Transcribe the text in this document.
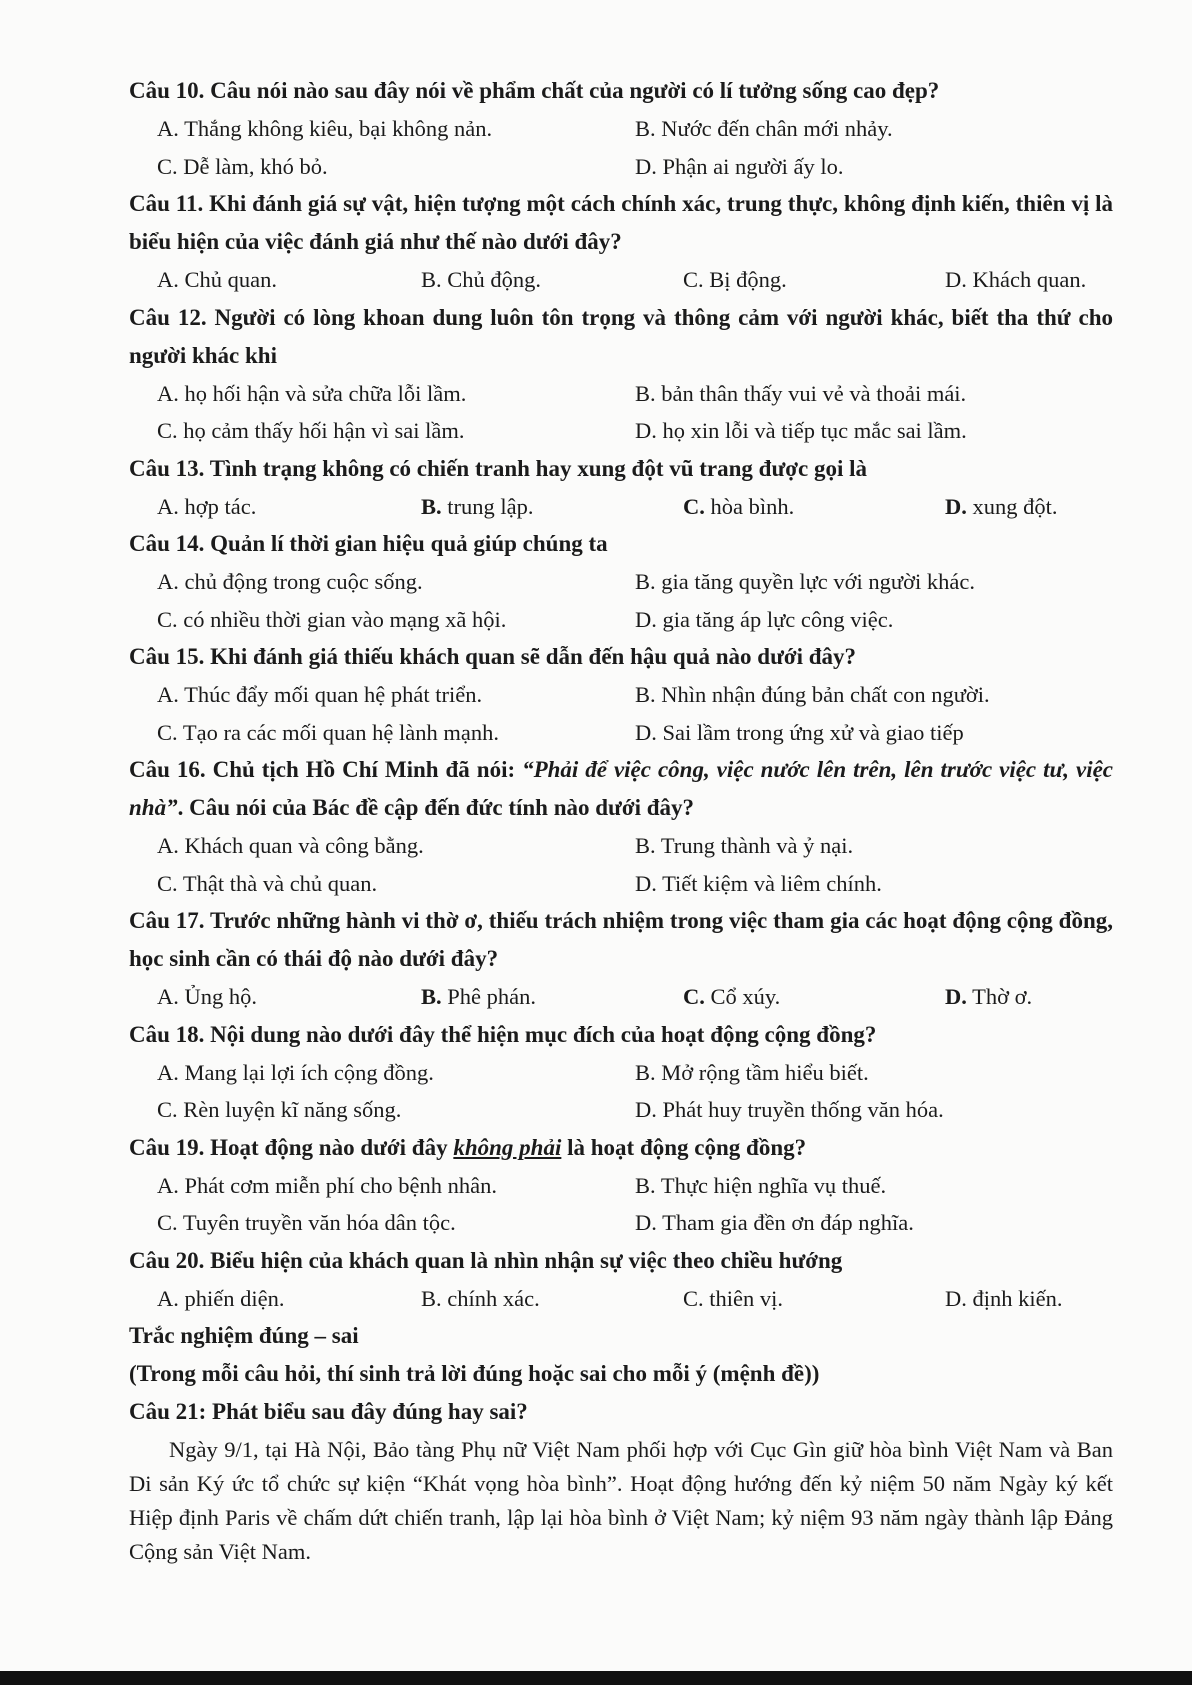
Câu 10. Câu nói nào sau đây nói về phẩm chất của người có lí tưởng sống cao đẹp?

A. Thắng không kiêu, bại không nản.	B. Nước đến chân mới nhảy.
C. Dễ làm, khó bỏ.	D. Phận ai người ấy lo.

Câu 11. Khi đánh giá sự vật, hiện tượng một cách chính xác, trung thực, không định kiến, thiên vị là biểu hiện của việc đánh giá như thế nào dưới đây?

A. Chủ quan.	B. Chủ động.	C. Bị động.	D. Khách quan.

Câu 12. Người có lòng khoan dung luôn tôn trọng và thông cảm với người khác, biết tha thứ cho người khác khi

A. họ hối hận và sửa chữa lỗi lầm.	B. bản thân thấy vui vẻ và thoải mái.
C. họ cảm thấy hối hận vì sai lầm.	D. họ xin lỗi và tiếp tục mắc sai lầm.

Câu 13. Tình trạng không có chiến tranh hay xung đột vũ trang được gọi là

A. hợp tác.	B. trung lập.	C. hòa bình.	D. xung đột.

Câu 14. Quản lí thời gian hiệu quả giúp chúng ta

A. chủ động trong cuộc sống.	B. gia tăng quyền lực với người khác.
C. có nhiều thời gian vào mạng xã hội.	D. gia tăng áp lực công việc.

Câu 15. Khi đánh giá thiếu khách quan sẽ dẫn đến hậu quả nào dưới đây?

A. Thúc đẩy mối quan hệ phát triển.	B. Nhìn nhận đúng bản chất con người.
C. Tạo ra các mối quan hệ lành mạnh.	D. Sai lầm trong ứng xử và giao tiếp

Câu 16. Chủ tịch Hồ Chí Minh đã nói: “Phải để việc công, việc nước lên trên, lên trước việc tư, việc nhà”. Câu nói của Bác đề cập đến đức tính nào dưới đây?

A. Khách quan và công bằng.	B. Trung thành và ỷ nại.
C. Thật thà và chủ quan.	D. Tiết kiệm và liêm chính.

Câu 17. Trước những hành vi thờ ơ, thiếu trách nhiệm trong việc tham gia các hoạt động cộng đồng, học sinh cần có thái độ nào dưới đây?

A. Ủng hộ.	B. Phê phán.	C. Cổ xúy.	D. Thờ ơ.

Câu 18. Nội dung nào dưới đây thể hiện mục đích của hoạt động cộng đồng?

A. Mang lại lợi ích cộng đồng.	B. Mở rộng tầm hiểu biết.
C. Rèn luyện kĩ năng sống.	D. Phát huy truyền thống văn hóa.

Câu 19. Hoạt động nào dưới đây không phải là hoạt động cộng đồng?

A. Phát cơm miễn phí cho bệnh nhân.	B. Thực hiện nghĩa vụ thuế.
C. Tuyên truyền văn hóa dân tộc.	D. Tham gia đền ơn đáp nghĩa.

Câu 20. Biểu hiện của khách quan là nhìn nhận sự việc theo chiều hướng

A. phiến diện.	B. chính xác.	C. thiên vị.	D. định kiến.

Trắc nghiệm đúng – sai

(Trong mỗi câu hỏi, thí sinh trả lời đúng hoặc sai cho mỗi ý (mệnh đề))

Câu 21: Phát biểu sau đây đúng hay sai?

Ngày 9/1, tại Hà Nội, Bảo tàng Phụ nữ Việt Nam phối hợp với Cục Gìn giữ hòa bình Việt Nam và Ban Di sản Ký ức tổ chức sự kiện “Khát vọng hòa bình”. Hoạt động hướng đến kỷ niệm 50 năm Ngày ký kết Hiệp định Paris về chấm dứt chiến tranh, lập lại hòa bình ở Việt Nam; kỷ niệm 93 năm ngày thành lập Đảng Cộng sản Việt Nam.
